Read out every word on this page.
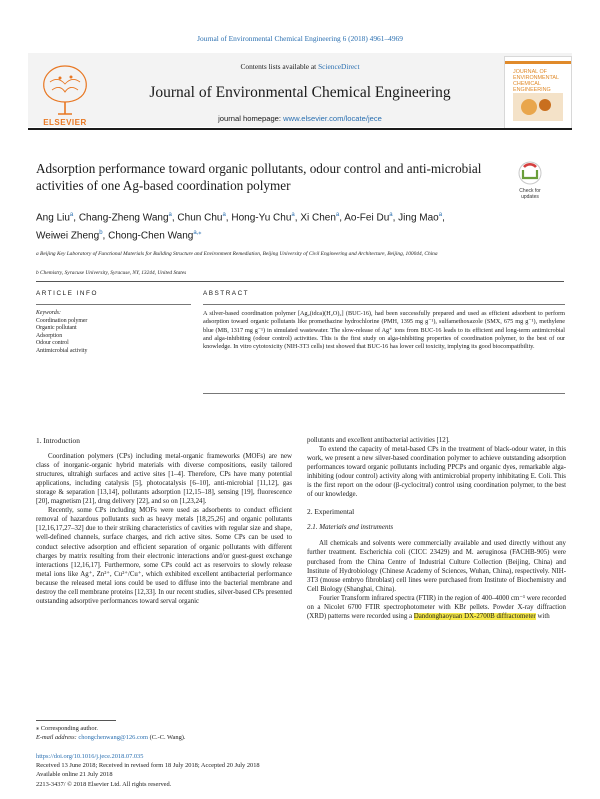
Journal of Environmental Chemical Engineering 6 (2018) 4961–4969
ELSEVIER
Contents lists available at ScienceDirect
Journal of Environmental Chemical Engineering
journal homepage: www.elsevier.com/locate/jece
JOURNAL OF
ENVIRONMENTAL
CHEMICAL
ENGINEERING
Adsorption performance toward organic pollutants, odour control and anti-microbial activities of one Ag-based coordination polymer	Check for
updates
Ang Liu$^a$, Chang-Zheng Wang$^a$, Chun Chu$^a$, Hong-Yu Chu$^a$, Xi Chen$^a$, Ao-Fei Du$^a$, Jing Mao$^a$,
Weiwei Zheng$^b$, Chong-Chen Wang$^{a,⁎}$
a Beijing Key Laboratory of Functional Materials for Building Structure and Environment Remediation, Beijing University of Civil Engineering and Architecture, Beijing, 100044, China
b Chemistry, Syracuse University, Syracuse, NY, 13244, United States
ARTICLE INFO	ABSTRACT
Keywords:
Coordination polymer
Organic pollutant
Adsorption
Odour control
Antimicrobial activity
A silver-based coordination polymer [Ag₂(idca)(H₂O)₂] (BUC-16), had been successfully prepared and used as efficient adsorbent to perform adsorption toward organic pollutants like promethazine hydrochlorine (PMH, 1395 mg g⁻¹), sulfamethoxazole (SMX, 675 mg g⁻¹), methylene blue (MB, 1317 mg g⁻¹) in simulated wastewater. The slow-release of Ag⁺ ions from BUC-16 leads to its efficient and long-term antimicrobial and alga-inhibiting (odour control) activities. This is the first study on alga-inhibiting properties of coordination polymer, to the best of our knowledge. In vitro cytotoxicity (NIH-3T3 cells) test showed that BUC-16 has lower cell toxicity, implying its good biocompatibility.
1. Introduction

Coordination polymers (CPs) including metal-organic frameworks (MOFs) are new class of inorganic-organic hybrid materials with diverse compositions, easily tailored structures, ultrahigh surfaces and active sites [1–4]. Therefore, CPs have many potential applications, including catalysis [5], photocatalysis [6–10], anti-microbial [11,12], gas storage & separation [13,14], pollutants adsorption [12,15–18], sensing [19], fluorescence [20], magnetism [21], drug delivery [22], and so on [1,23,24].

Recently, some CPs including MOFs were used as adsorbents to conduct efficient removal of hazardous pollutants such as heavy metals [18,25,26] and organic pollutants [12,16,17,27–32] due to their striking characteristics of cavities with regular size and shape, well-defined channels, surface charges, and rich active sites. Some CPs can be used to conduct selective adsorption and efficient separation of organic pollutants with different charges by matrix resulting from their electronic interactions and/or guest-guest exchange interactions [12,16,17]. Furthermore, some CPs could act as reservoirs to slowly release metal ions like Ag⁺, Zn²⁺, Cu²⁺/Cu⁺, which exhibited excellent antibacterial performance because the released metal ions could be used to diffuse into the bacterial membrane and destroy the cell membrane proteins [12,33]. In our recent studies, silver-based CPs presented outstanding adsorptive performances toward serval organic

pollutants and excellent antibacterial activities [12].

To extend the capacity of metal-based CPs in the treatment of black-odour water, in this work, we present a new silver-based coordination polymer to achieve outstanding adsorption performances toward organic pollutants including PPCPs and organic dyes, remarkable alga-inhibiting (odour control) activity along with antimicrobial property inhibitating E. Coli. This is the first report on the odour (β-cyclocitral) control using coordination polymer, to the best of our knowledge.

2. Experimental
2.1. Materials and instruments

All chemicals and solvents were commercially available and used directly without any further treatment. Escherichia coli (CICC 23429) and M. aeruginosa (FACHB-905) were purchased from the China Centre of Industrial Culture Collection (Beijing, China) and Institute of Hydrobiology (Chinese Academy of Sciences, Wuhan, China), respectively. NIH-3T3 (mouse embryo fibroblast) cell lines were purchased from Institute of Biochemistry and Cell Biology (Shanghai, China).

Fourier Transform infrared spectra (FTIR) in the region of 400–4000 cm⁻¹ were recorded on a Nicolet 6700 FTIR spectrophotometer with KBr pellets. Powder X-ray diffraction (XRD) patterns were recorded using a Dandonghaoyuan DX-2700B diffractometer with

⁎ Corresponding author.
E-mail address: chongchenwang@126.com (C.-C. Wang).
https://doi.org/10.1016/j.jece.2018.07.035
Received 13 June 2018; Received in revised form 18 July 2018; Accepted 20 July 2018
Available online 21 July 2018
2213-3437/ © 2018 Elsevier Ltd. All rights reserved.
